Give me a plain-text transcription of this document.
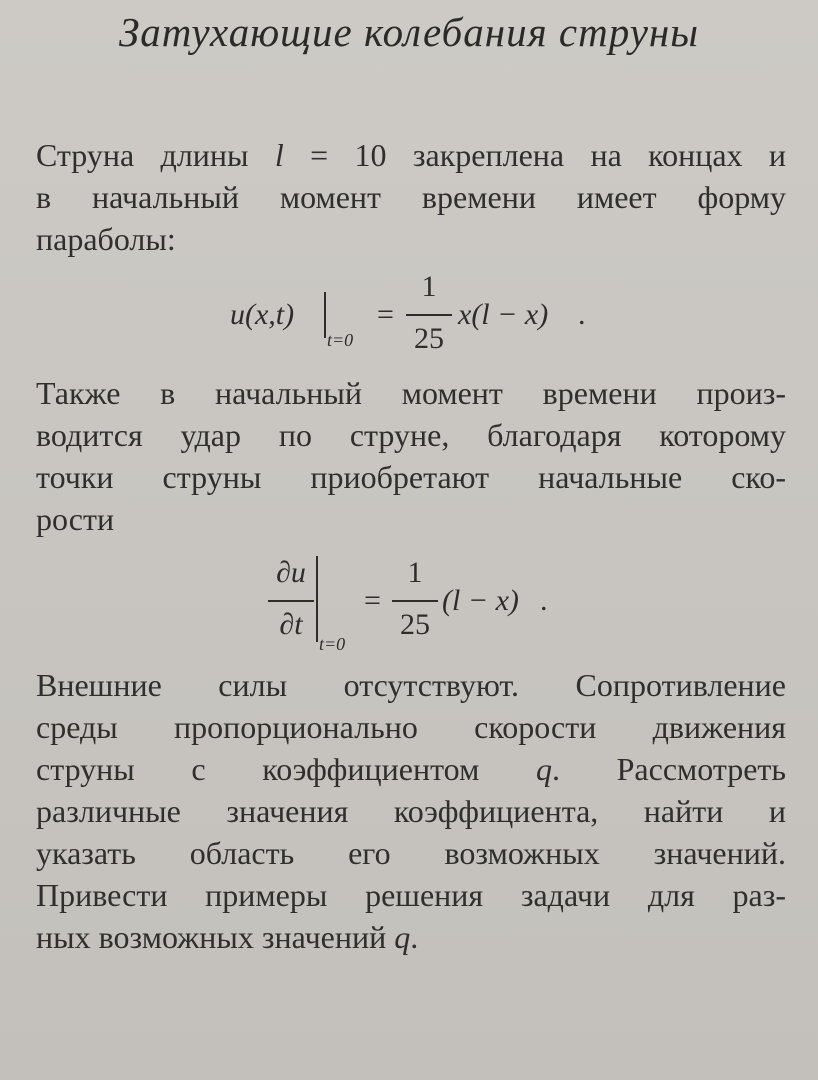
Затухающие колебания струны
Струна длины l = 10 закреплена на концах и
в начальный момент времени имеет форму
параболы:
u(x,t)
t=0
=
1
25
x(l − x) .
Также в начальный момент времени произ-
водится удар по струне, благодаря которому
точки струны приобретают начальные ско-
рости
∂u
∂t
t=0
=
1
25
(l − x) .
Внешние силы отсутствуют. Сопротивление
среды пропорционально скорости движения
струны с коэффициентом q. Рассмотреть
различные значения коэффициента, найти и
указать область его возможных значений.
Привести примеры решения задачи для раз-
ных возможных значений q.
